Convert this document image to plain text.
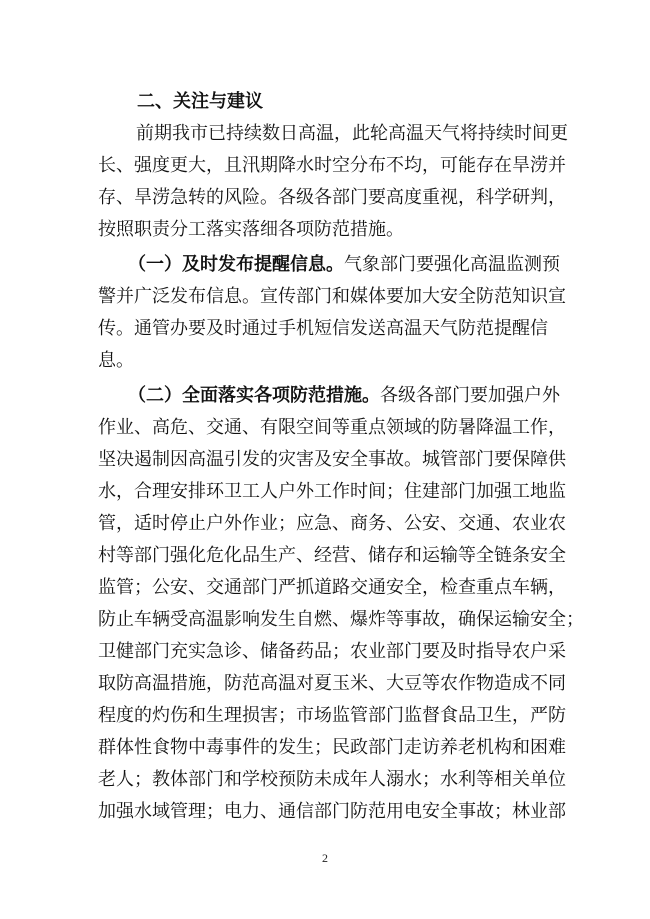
二、关注与建议
前期我市已持续数日高温，此轮高温天气将持续时间更
长、强度更大，且汛期降水时空分布不均，可能存在旱涝并
存、旱涝急转的风险。各级各部门要高度重视，科学研判，
按照职责分工落实落细各项防范措施。
（一）及时发布提醒信息。气象部门要强化高温监测预
警并广泛发布信息。宣传部门和媒体要加大安全防范知识宣
传。通管办要及时通过手机短信发送高温天气防范提醒信
息。
（二）全面落实各项防范措施。各级各部门要加强户外
作业、高危、交通、有限空间等重点领域的防暑降温工作，
坚决遏制因高温引发的灾害及安全事故。城管部门要保障供
水，合理安排环卫工人户外工作时间；住建部门加强工地监
管，适时停止户外作业；应急、商务、公安、交通、农业农
村等部门强化危化品生产、经营、储存和运输等全链条安全
监管；公安、交通部门严抓道路交通安全，检查重点车辆，
防止车辆受高温影响发生自燃、爆炸等事故，确保运输安全；
卫健部门充实急诊、储备药品；农业部门要及时指导农户采
取防高温措施，防范高温对夏玉米、大豆等农作物造成不同
程度的灼伤和生理损害；市场监管部门监督食品卫生，严防
群体性食物中毒事件的发生；民政部门走访养老机构和困难
老人；教体部门和学校预防未成年人溺水；水利等相关单位
加强水域管理；电力、通信部门防范用电安全事故；林业部
2
